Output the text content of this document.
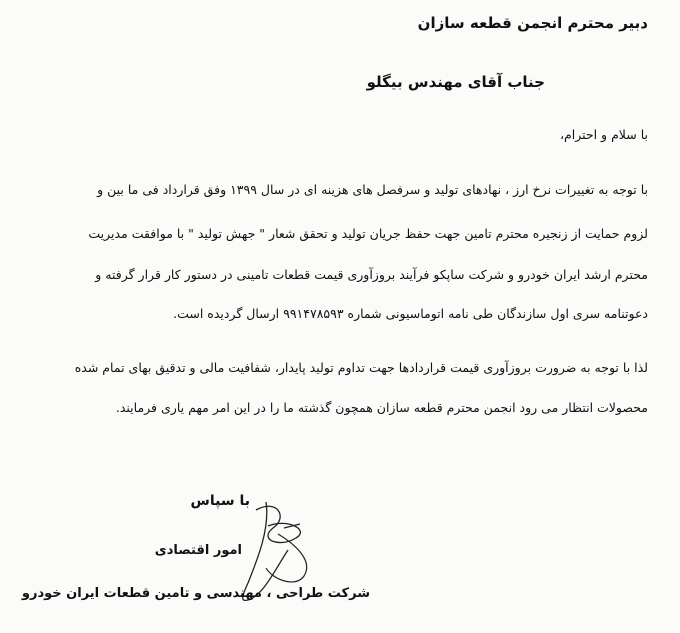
دبیر محترم انجمن قطعه سازان
جناب آقای مهندس بیگلو
با سلام و احترام،
با توجه به تغییرات نرخ ارز ، نهادهای تولید و سرفصل های هزینه ای در سال ۱۳۹۹ وفق قرارداد فی ما بین و
لزوم حمایت از زنجیره محترم تامین جهت حفظ جریان تولید و تحقق شعار " جهش تولید " با موافقت مدیریت
محترم ارشد ایران خودرو و شرکت ساپکو فرآیند بروزآوری قیمت قطعات تامینی در دستور کار قرار گرفته و
دعوتنامه سری اول سازندگان طی نامه اتوماسیونی شماره ۹۹۱۴۷۸۵۹۳ ارسال گردیده است.
لذا با توجه به ضرورت بروزآوری قیمت قراردادها جهت تداوم تولید پایدار، شفافیت مالی و تدقیق بهای تمام شده
محصولات انتظار می رود انجمن محترم قطعه سازان همچون گذشته ما را در این امر مهم یاری فرمایند.
با سپاس
امور اقتصادی
شرکت طراحی ، مهندسی و تامین قطعات ایران خودرو
